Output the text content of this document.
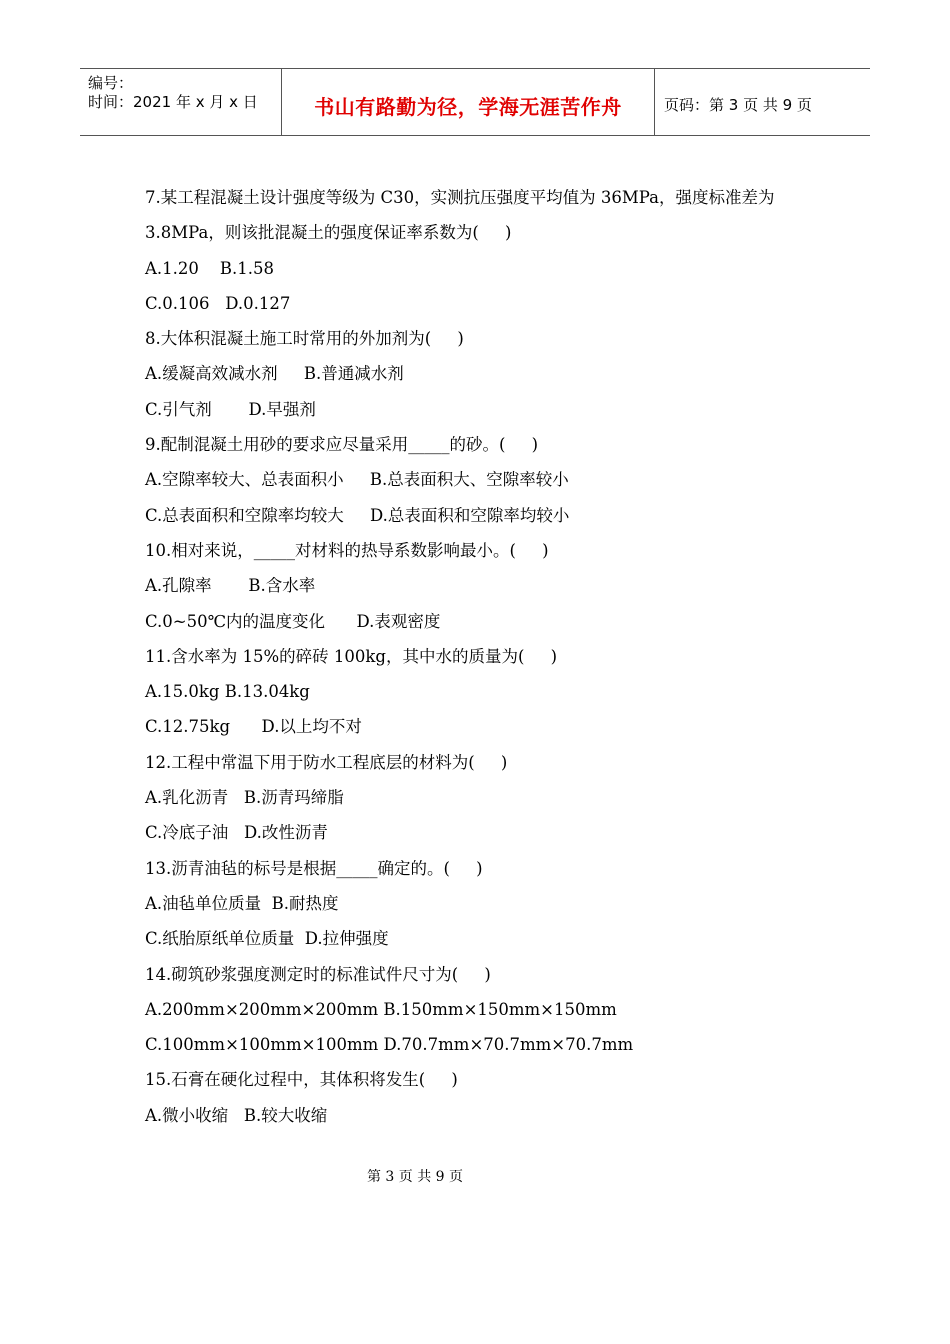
编号：
时间：2021 年 x 月 x 日	书山有路勤为径，学海无涯苦作舟	页码：第 3 页 共 9 页
7.某工程混凝土设计强度等级为 C30，实测抗压强度平均值为 36MPa，强度标准差为
3.8MPa，则该批混凝土的强度保证率系数为(     )
A.1.20    B.1.58
C.0.106   D.0.127
8.大体积混凝土施工时常用的外加剂为(     )
A.缓凝高效减水剂     B.普通减水剂
C.引气剂       D.早强剂
9.配制混凝土用砂的要求应尽量采用_____的砂。(     )
A.空隙率较大、总表面积小     B.总表面积大、空隙率较小
C.总表面积和空隙率均较大     D.总表面积和空隙率均较小
10.相对来说，_____对材料的热导系数影响最小。(     )
A.孔隙率       B.含水率
C.0~50℃内的温度变化      D.表观密度
11.含水率为 15%的碎砖 100kg，其中水的质量为(     )
A.15.0kg B.13.04kg
C.12.75kg      D.以上均不对
12.工程中常温下用于防水工程底层的材料为(     )
A.乳化沥青   B.沥青玛缔脂
C.冷底子油   D.改性沥青
13.沥青油毡的标号是根据_____确定的。(     )
A.油毡单位质量  B.耐热度
C.纸胎原纸单位质量  D.拉伸强度
14.砌筑砂浆强度测定时的标准试件尺寸为(     )
A.200mm×200mm×200mm B.150mm×150mm×150mm
C.100mm×100mm×100mm D.70.7mm×70.7mm×70.7mm
15.石膏在硬化过程中，其体积将发生(     )
A.微小收缩   B.较大收缩
第 3 页 共 9 页
